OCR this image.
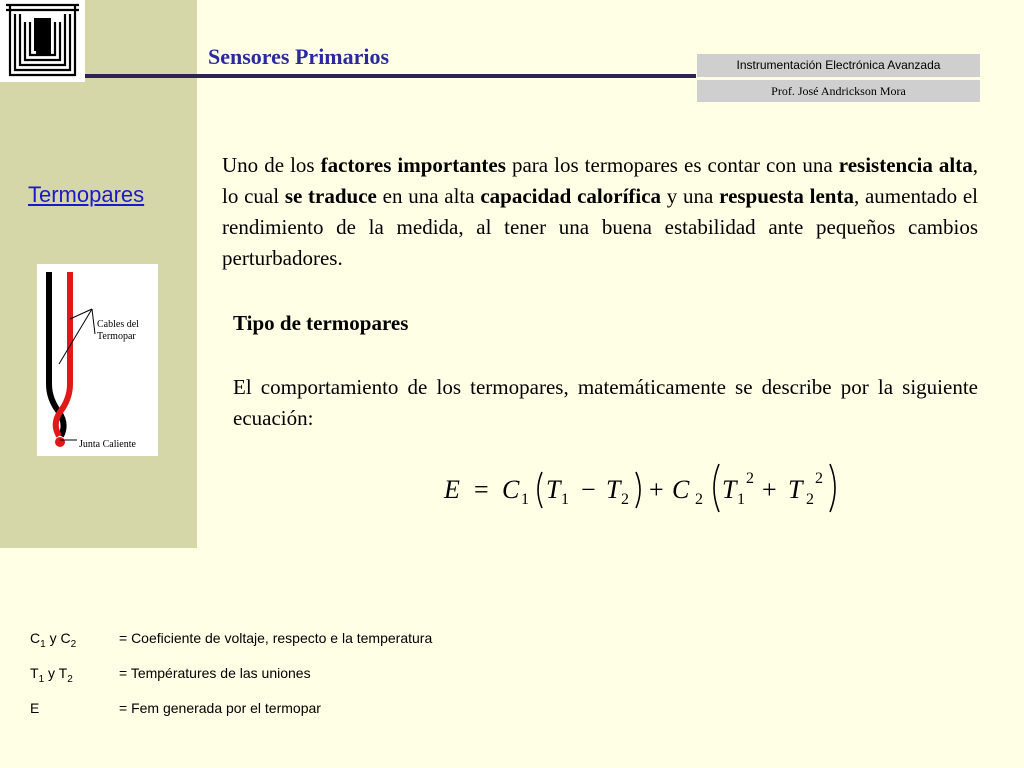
Sensores Primarios	Instrumentación Electrónica Avanzada
Prof. José Andrickson Mora
Termopares
Cables del
Termopar
Junta Caliente

Uno de los factores importantes para los termopares es contar con una resistencia alta, lo cual se traduce en una alta capacidad calorífica y una respuesta lenta, aumentado el rendimiento de la medida, al tener una buena estabilidad ante pequeños cambios perturbadores.

Tipo de termopares

El comportamiento de los termopares, matemáticamente se describe por la siguiente ecuación:

E C T T C T T
=	− +	+
1 1	2	2 1
2
2
2
$C_1$ y $C_2$	= Coeficiente de voltaje, respecto e la temperatura
$T_1$ y $T_2$	= Températures de las uniones
E	= Fem generada por el termopar
